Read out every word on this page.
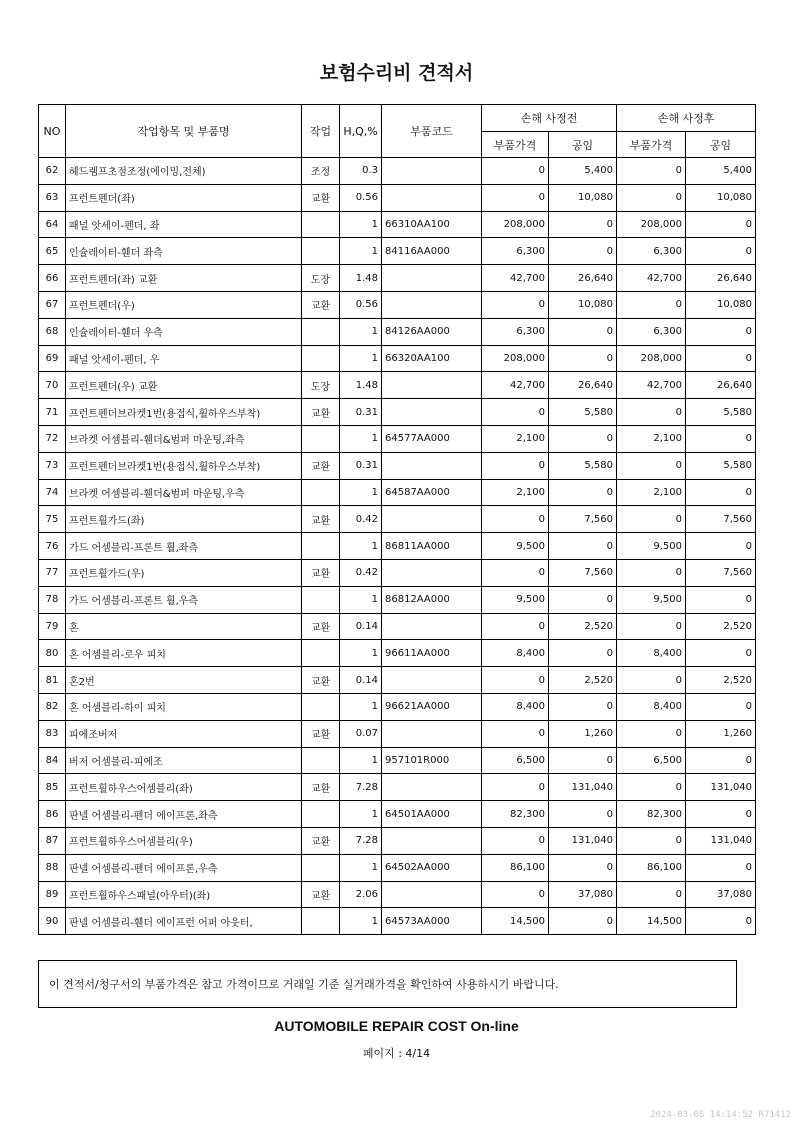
보험수리비 견적서
NO	작업항목 및 부품명	작업	H,Q,%	부품코드	손해 사정전		손해 사정후	
					부품가격	공임	부품가격	공임
62	헤드램프초점조정(에이밍,전체)	조정	0.3		0	5,400	0	5,400
63	프런트펜더(좌)	교환	0.56		0	10,080	0	10,080
64	패널 앗세이-펜더, 좌		1	66310AA100	208,000	0	208,000	0
65	인슐레이터-휀더 좌측		1	84116AA000	6,300	0	6,300	0
66	프런트펜더(좌) 교환	도장	1.48		42,700	26,640	42,700	26,640
67	프런트펜더(우)	교환	0.56		0	10,080	0	10,080
68	인슐레이터-휀더 우측		1	84126AA000	6,300	0	6,300	0
69	패널 앗세이-펜더, 우		1	66320AA100	208,000	0	208,000	0
70	프런트펜더(우) 교환	도장	1.48		42,700	26,640	42,700	26,640
71	프런트펜더브라켓1번(용접식,휠하우스부착)	교환	0.31		0	5,580	0	5,580
72	브라켓 어셈블리-휀더&범퍼 마운팅,좌측		1	64577AA000	2,100	0	2,100	0
73	프런트펜더브라켓1번(용접식,휠하우스부착)	교환	0.31		0	5,580	0	5,580
74	브라켓 어셈블리-휀더&범퍼 마운팅,우측		1	64587AA000	2,100	0	2,100	0
75	프런트휠가드(좌)	교환	0.42		0	7,560	0	7,560
76	가드 어셈블리-프론트 휠,좌측		1	86811AA000	9,500	0	9,500	0
77	프런트휠가드(우)	교환	0.42		0	7,560	0	7,560
78	가드 어셈블리-프론트 휠,우측		1	86812AA000	9,500	0	9,500	0
79	혼	교환	0.14		0	2,520	0	2,520
80	혼 어셈블리-로우 피치		1	96611AA000	8,400	0	8,400	0
81	혼2번	교환	0.14		0	2,520	0	2,520
82	혼 어셈블리-하이 피치		1	96621AA000	8,400	0	8,400	0
83	피에조버저	교환	0.07		0	1,260	0	1,260
84	버저 어셈블리-피에조		1	957101R000	6,500	0	6,500	0
85	프런트휠하우스어셈블리(좌)	교환	7.28		0	131,040	0	131,040
86	판넬 어셈블리-펜더 에이프론,좌측		1	64501AA000	82,300	0	82,300	0
87	프런트휠하우스어셈블리(우)	교환	7.28		0	131,040	0	131,040
88	판넬 어셈블리-펜더 에이프론,우측		1	64502AA000	86,100	0	86,100	0
89	프런트휠하우스패널(아우터)(좌)	교환	2.06		0	37,080	0	37,080
90	판넬 어셈블리-휀더 에이프런 어퍼 아웃터,		1	64573AA000	14,500	0	14,500	0
이 견적서/청구서의 부품가격은 참고 가격이므로 거래일 기준 실거래가격을 확인하여 사용하시기 바랍니다.
AUTOMOBILE REPAIR COST On-line
페이지 : 4/14
2024-03-06 14:14:52 R71412
